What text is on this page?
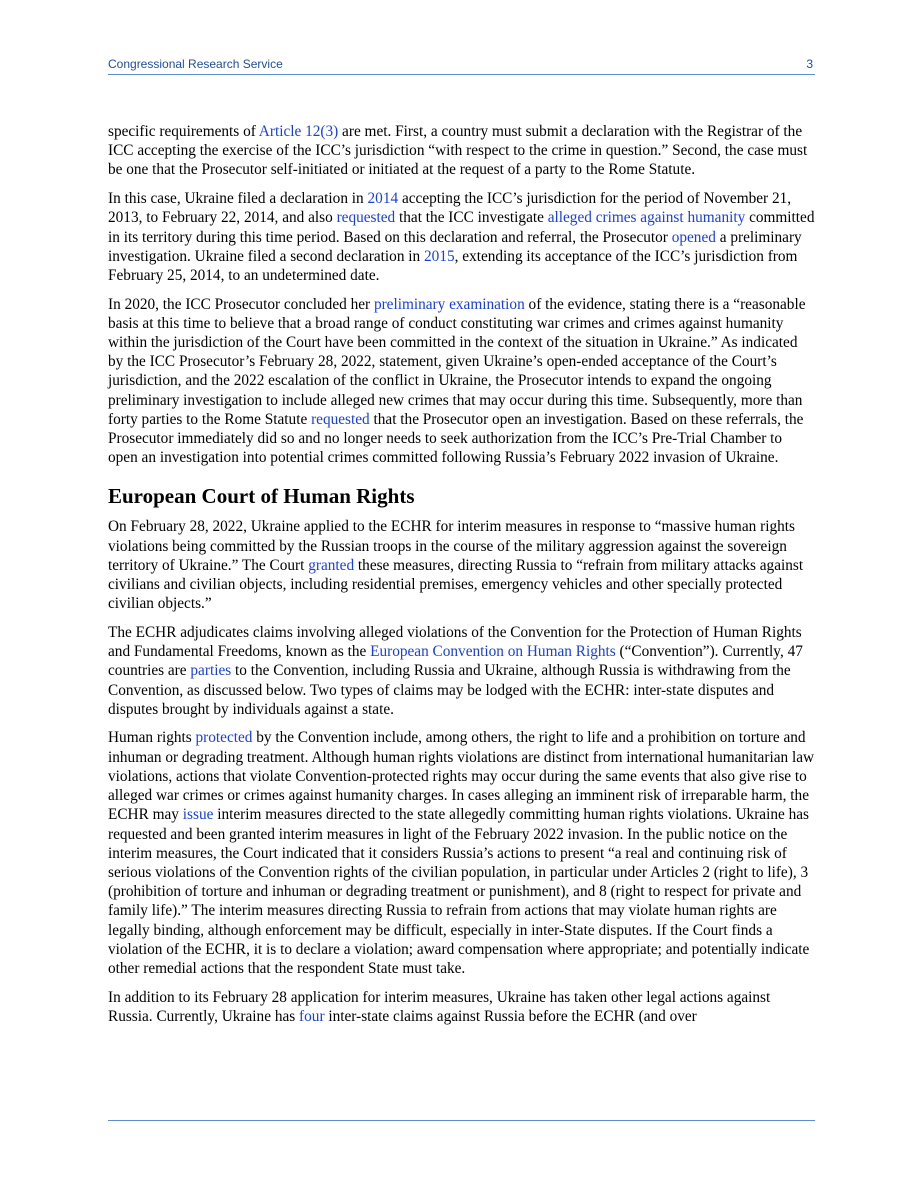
Congressional Research Service	3

specific requirements of Article 12(3) are met. First, a country must submit a declaration with the Registrar of the ICC accepting the exercise of the ICC’s jurisdiction “with respect to the crime in question.” Second, the case must be one that the Prosecutor self-initiated or initiated at the request of a party to the Rome Statute.

In this case, Ukraine filed a declaration in 2014 accepting the ICC’s jurisdiction for the period of November 21, 2013, to February 22, 2014, and also requested that the ICC investigate alleged crimes against humanity committed in its territory during this time period. Based on this declaration and referral, the Prosecutor opened a preliminary investigation. Ukraine filed a second declaration in 2015, extending its acceptance of the ICC’s jurisdiction from February 25, 2014, to an undetermined date.

In 2020, the ICC Prosecutor concluded her preliminary examination of the evidence, stating there is a “reasonable basis at this time to believe that a broad range of conduct constituting war crimes and crimes against humanity within the jurisdiction of the Court have been committed in the context of the situation in Ukraine.” As indicated by the ICC Prosecutor’s February 28, 2022, statement, given Ukraine’s open-ended acceptance of the Court’s jurisdiction, and the 2022 escalation of the conflict in Ukraine, the Prosecutor intends to expand the ongoing preliminary investigation to include alleged new crimes that may occur during this time. Subsequently, more than forty parties to the Rome Statute requested that the Prosecutor open an investigation. Based on these referrals, the Prosecutor immediately did so and no longer needs to seek authorization from the ICC’s Pre-Trial Chamber to open an investigation into potential crimes committed following Russia’s February 2022 invasion of Ukraine.

European Court of Human Rights

On February 28, 2022, Ukraine applied to the ECHR for interim measures in response to “massive human rights violations being committed by the Russian troops in the course of the military aggression against the sovereign territory of Ukraine.” The Court granted these measures, directing Russia to “refrain from military attacks against civilians and civilian objects, including residential premises, emergency vehicles and other specially protected civilian objects.”

The ECHR adjudicates claims involving alleged violations of the Convention for the Protection of Human Rights and Fundamental Freedoms, known as the European Convention on Human Rights (“Convention”). Currently, 47 countries are parties to the Convention, including Russia and Ukraine, although Russia is withdrawing from the Convention, as discussed below. Two types of claims may be lodged with the ECHR: inter-state disputes and disputes brought by individuals against a state.

Human rights protected by the Convention include, among others, the right to life and a prohibition on torture and inhuman or degrading treatment. Although human rights violations are distinct from international humanitarian law violations, actions that violate Convention-protected rights may occur during the same events that also give rise to alleged war crimes or crimes against humanity charges. In cases alleging an imminent risk of irreparable harm, the ECHR may issue interim measures directed to the state allegedly committing human rights violations. Ukraine has requested and been granted interim measures in light of the February 2022 invasion. In the public notice on the interim measures, the Court indicated that it considers Russia’s actions to present “a real and continuing risk of serious violations of the Convention rights of the civilian population, in particular under Articles 2 (right to life), 3 (prohibition of torture and inhuman or degrading treatment or punishment), and 8 (right to respect for private and family life).” The interim measures directing Russia to refrain from actions that may violate human rights are legally binding, although enforcement may be difficult, especially in inter-State disputes. If the Court finds a violation of the ECHR, it is to declare a violation; award compensation where appropriate; and potentially indicate other remedial actions that the respondent State must take.

In addition to its February 28 application for interim measures, Ukraine has taken other legal actions against Russia. Currently, Ukraine has four inter-state claims against Russia before the ECHR (and over
